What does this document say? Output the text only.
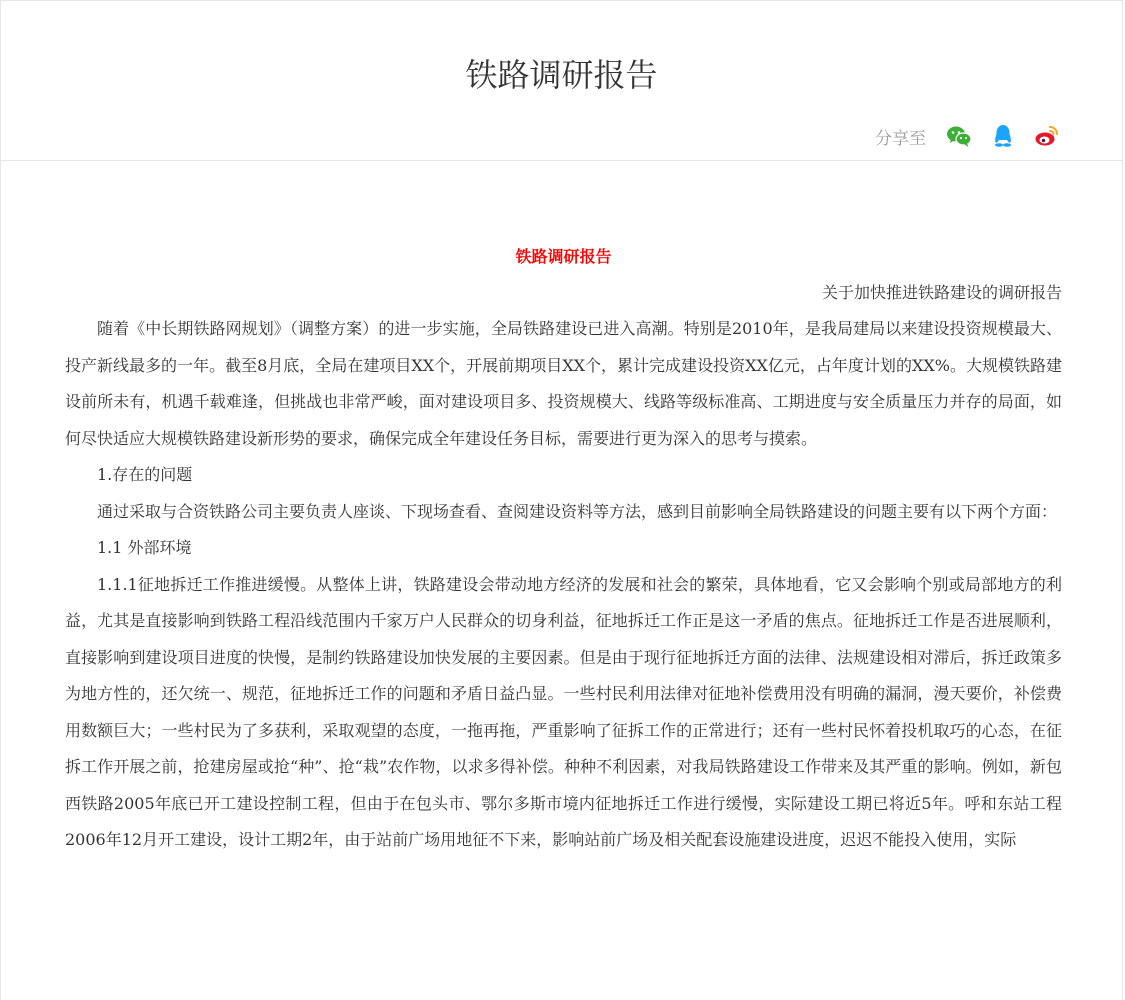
铁路调研报告
分享至

铁路调研报告

关于加快推进铁路建设的调研报告

随着《中长期铁路网规划》（调整方案）的进一步实施，全局铁路建设已进入高潮。特别是2010年，是我局建局以来建设投资规模最大、投产新线最多的一年。截至8月底，全局在建项目XX个，开展前期项目XX个，累计完成建设投资XX亿元，占年度计划的XX%。大规模铁路建设前所未有，机遇千载难逢，但挑战也非常严峻，面对建设项目多、投资规模大、线路等级标准高、工期进度与安全质量压力并存的局面，如何尽快适应大规模铁路建设新形势的要求，确保完成全年建设任务目标，需要进行更为深入的思考与摸索。

1.存在的问题

通过采取与合资铁路公司主要负责人座谈、下现场查看、查阅建设资料等方法，感到目前影响全局铁路建设的问题主要有以下两个方面：

1.1 外部环境

1.1.1征地拆迁工作推进缓慢。从整体上讲，铁路建设会带动地方经济的发展和社会的繁荣，具体地看，它又会影响个别或局部地方的利益，尤其是直接影响到铁路工程沿线范围内千家万户人民群众的切身利益，征地拆迁工作正是这一矛盾的焦点。征地拆迁工作是否进展顺利，直接影响到建设项目进度的快慢，是制约铁路建设加快发展的主要因素。但是由于现行征地拆迁方面的法律、法规建设相对滞后，拆迁政策多为地方性的，还欠统一、规范，征地拆迁工作的问题和矛盾日益凸显。一些村民利用法律对征地补偿费用没有明确的漏洞，漫天要价，补偿费用数额巨大；一些村民为了多获利，采取观望的态度，一拖再拖，严重影响了征拆工作的正常进行；还有一些村民怀着投机取巧的心态，在征拆工作开展之前，抢建房屋或抢“种”、抢“栽”农作物，以求多得补偿。种种不利因素，对我局铁路建设工作带来及其严重的影响。例如，新包西铁路2005年底已开工建设控制工程，但由于在包头市、鄂尔多斯市境内征地拆迁工作进行缓慢，实际建设工期已将近5年。呼和东站工程2006年12月开工建设，设计工期2年，由于站前广场用地征不下来，影响站前广场及相关配套设施建设进度，迟迟不能投入使用，实际
